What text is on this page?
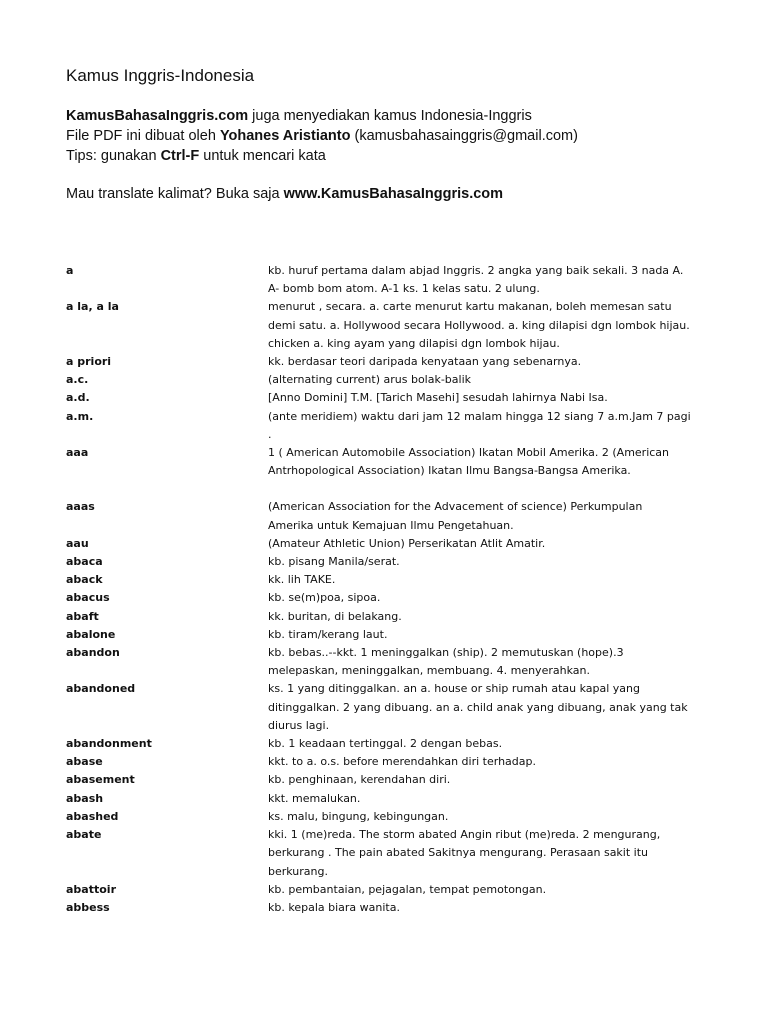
Kamus Inggris-Indonesia

KamusBahasaInggris.com juga menyediakan kamus Indonesia-Inggris

File PDF ini dibuat oleh Yohanes Aristianto (kamusbahasainggris@gmail.com)

Tips: gunakan Ctrl-F untuk mencari kata

Mau translate kalimat? Buka saja www.KamusBahasaInggris.com

a	kb. huruf pertama dalam abjad Inggris. 2 angka yang baik sekali. 3 nada A.
A- bomb bom atom. A-1 ks. 1 kelas satu. 2 ulung.
a la, a la	menurut , secara. a. carte menurut kartu makanan, boleh memesan satu
demi satu. a. Hollywood secara Hollywood. a. king dilapisi dgn lombok hijau.
chicken a. king ayam yang dilapisi dgn lombok hijau.
a priori	kk. berdasar teori daripada kenyataan yang sebenarnya.
a.c.	(alternating current) arus bolak-balik
a.d.	[Anno Domini] T.M. [Tarich Masehi] sesudah lahirnya Nabi Isa.
a.m.	(ante meridiem) waktu dari jam 12 malam hingga 12 siang 7 a.m.Jam 7 pagi
.
aaa	1 ( American Automobile Association) Ikatan Mobil Amerika. 2 (American
Antrhopological Association) Ikatan Ilmu Bangsa-Bangsa Amerika.
aaas	(American Association for the Advacement of science) Perkumpulan
Amerika untuk Kemajuan Ilmu Pengetahuan.
aau	(Amateur Athletic Union) Perserikatan Atlit Amatir.
abaca	kb. pisang Manila/serat.
aback	kk. lih TAKE.
abacus	kb. se(m)poa, sipoa.
abaft	kk. buritan, di belakang.
abalone	kb. tiram/kerang laut.
abandon	kb. bebas..--kkt. 1 meninggalkan (ship). 2 memutuskan (hope).3
melepaskan, meninggalkan, membuang. 4. menyerahkan.
abandoned	ks. 1 yang ditinggalkan. an a. house or ship rumah atau kapal yang
ditinggalkan. 2 yang dibuang. an a. child anak yang dibuang, anak yang tak
diurus lagi.
abandonment	kb. 1 keadaan tertinggal. 2 dengan bebas.
abase	kkt. to a. o.s. before merendahkan diri terhadap.
abasement	kb. penghinaan, kerendahan diri.
abash	kkt. memalukan.
abashed	ks. malu, bingung, kebingungan.
abate	kki. 1 (me)reda. The storm abated Angin ribut (me)reda. 2 mengurang,
berkurang . The pain abated Sakitnya mengurang. Perasaan sakit itu
berkurang.
abattoir	kb. pembantaian, pejagalan, tempat pemotongan.
abbess	kb. kepala biara wanita.
